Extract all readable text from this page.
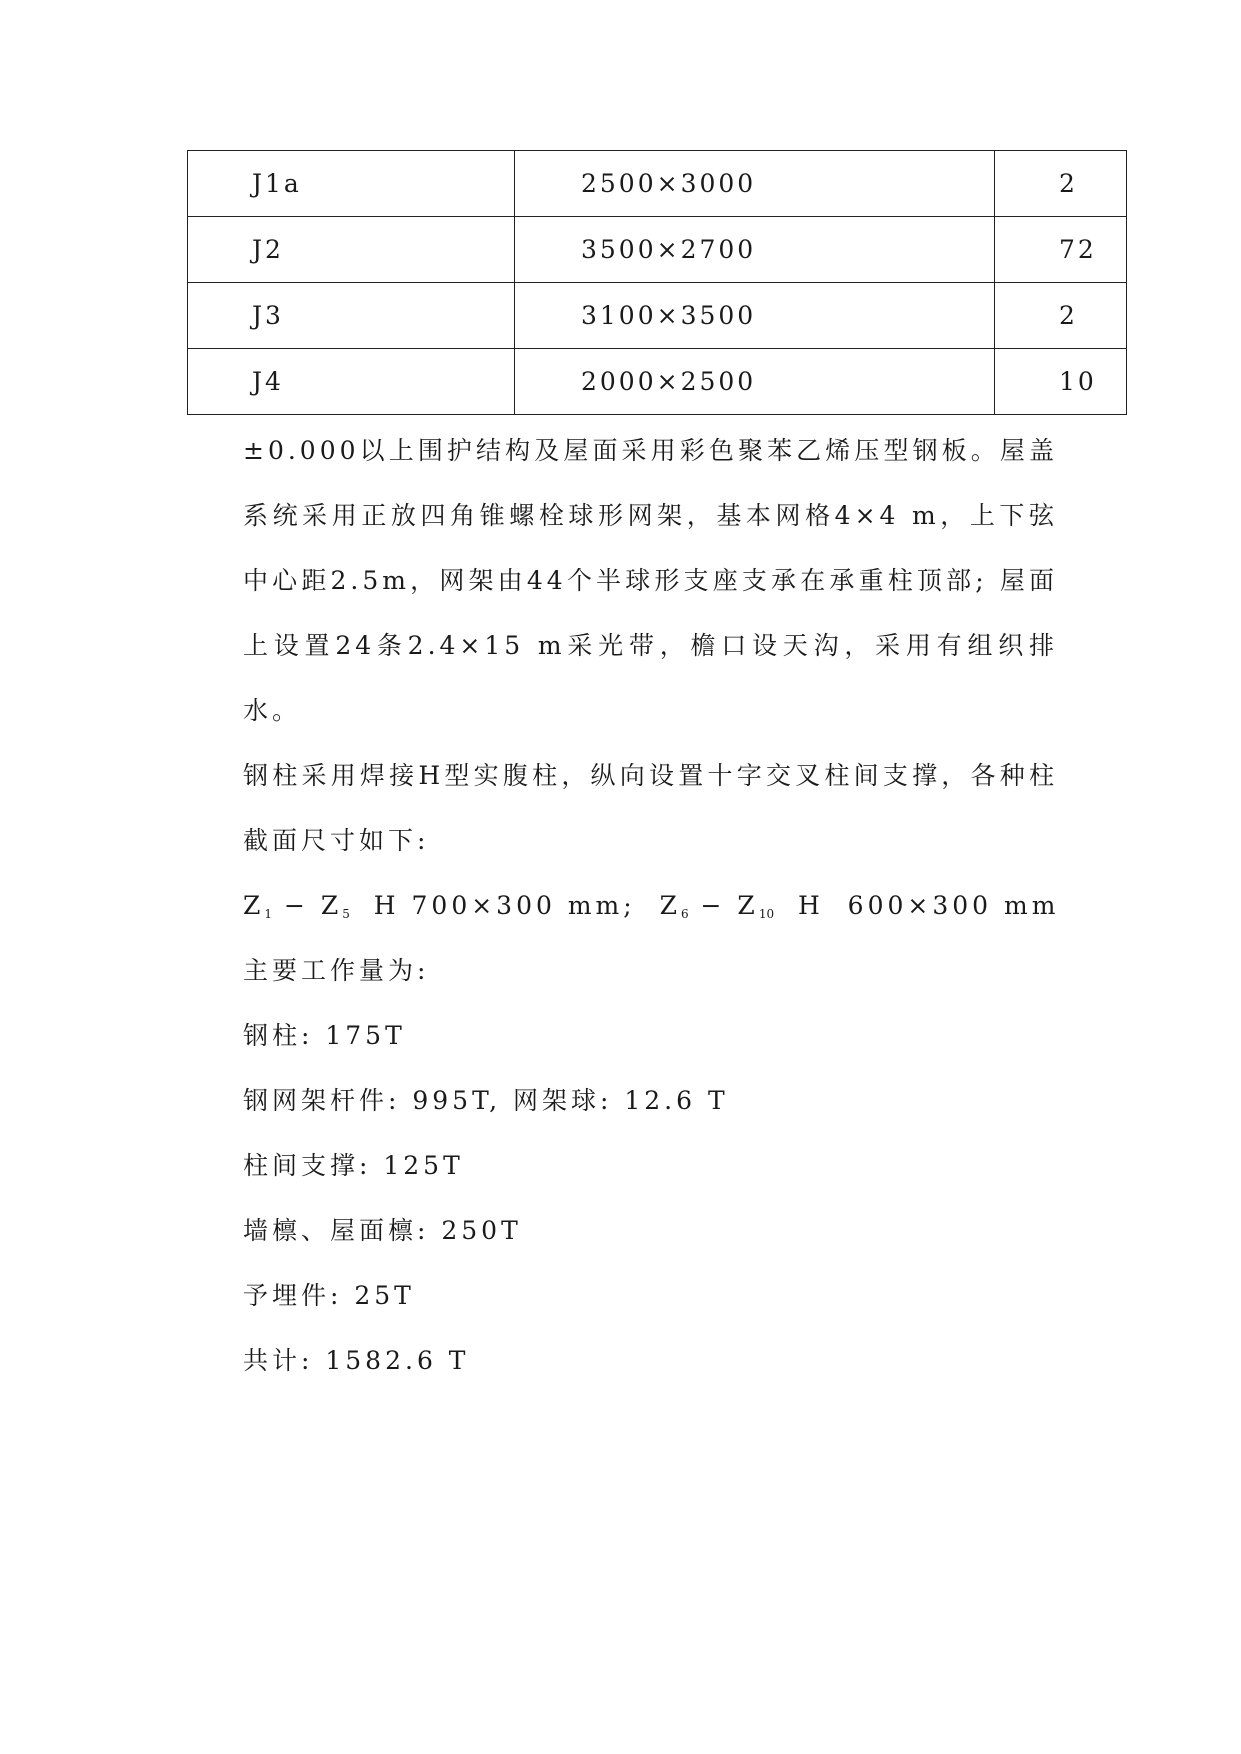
J1a	2500×3000	2
J2	3500×2700	72
J3	3100×3500	2
J4	2000×2500	10

±0.000以上围护结构及屋面采用彩色聚苯乙烯压型钢板。屋盖系统采用正放四角锥螺栓球形网架，基本网格4×4 m，上下弦中心距2.5m，网架由44个半球形支座支承在承重柱顶部; 屋面上设置24条2.4×15 m采光带，檐口设天沟，采用有组织排水。

钢柱采用焊接H型实腹柱，纵向设置十字交叉柱间支撑，各种柱截面尺寸如下:

$Z_1 - Z_5$  H 700×300 mm;  $Z_6 - Z_{10}$  H  600×300 mm
主要工作量为:
钢柱: 175T
钢网架杆件: 995T, 网架球: 12.6 T
柱间支撑: 125T
墙檩、屋面檩: 250T
予埋件: 25T
共计: 1582.6 T
